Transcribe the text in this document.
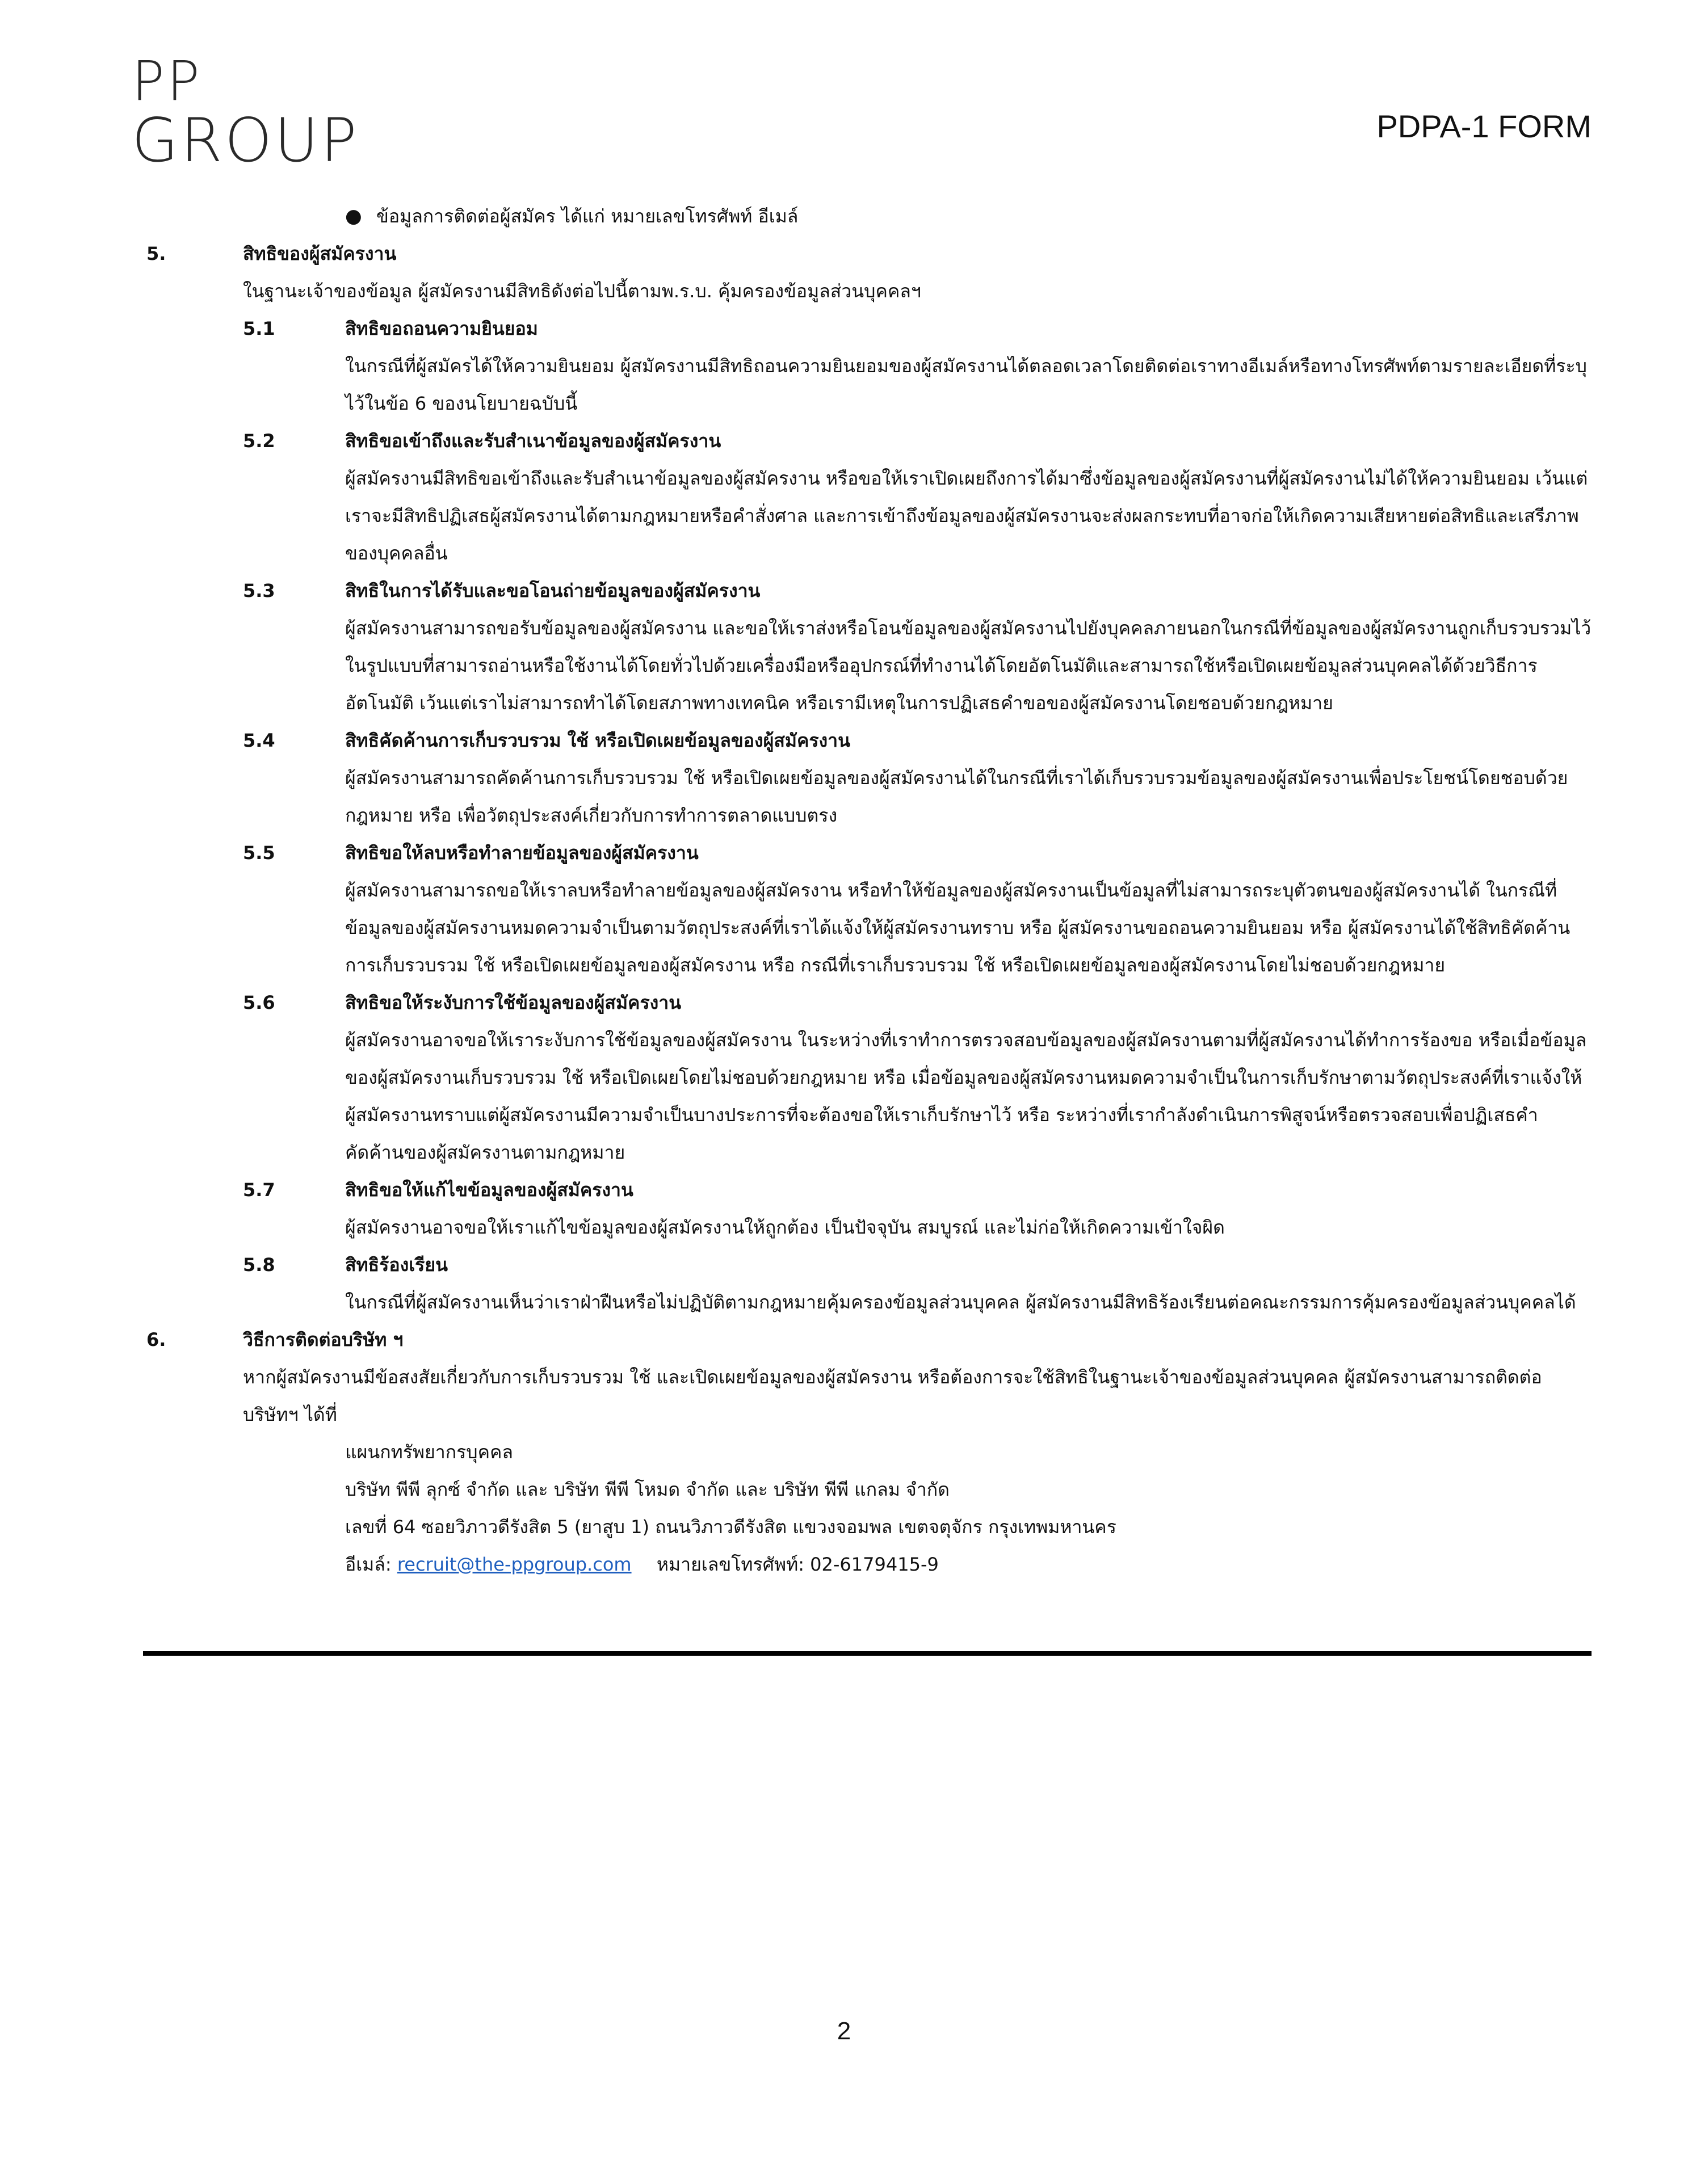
PP
GROUP	PDPA-1 FORM
● ข้อมูลการติดต่อผู้สมัคร ได้แก่ หมายเลขโทรศัพท์ อีเมล์
5.	สิทธิของผู้สมัครงาน
ในฐานะเจ้าของข้อมูล ผู้สมัครงานมีสิทธิดังต่อไปนี้ตามพ.ร.บ. คุ้มครองข้อมูลส่วนบุคคลฯ
5.1	สิทธิขอถอนความยินยอม
ในกรณีที่ผู้สมัครได้ให้ความยินยอม ผู้สมัครงานมีสิทธิถอนความยินยอมของผู้สมัครงานได้ตลอดเวลาโดยติดต่อเราทางอีเมล์หรือทางโทรศัพท์ตามรายละเอียดที่ระบุ
ไว้ในข้อ 6 ของนโยบายฉบับนี้
5.2	สิทธิขอเข้าถึงและรับสำเนาข้อมูลของผู้สมัครงาน
ผู้สมัครงานมีสิทธิขอเข้าถึงและรับสำเนาข้อมูลของผู้สมัครงาน หรือขอให้เราเปิดเผยถึงการได้มาซึ่งข้อมูลของผู้สมัครงานที่ผู้สมัครงานไม่ได้ให้ความยินยอม เว้นแต่
เราจะมีสิทธิปฏิเสธผู้สมัครงานได้ตามกฎหมายหรือคำสั่งศาล และการเข้าถึงข้อมูลของผู้สมัครงานจะส่งผลกระทบที่อาจก่อให้เกิดความเสียหายต่อสิทธิและเสรีภาพ
ของบุคคลอื่น
5.3	สิทธิในการได้รับและขอโอนถ่ายข้อมูลของผู้สมัครงาน
ผู้สมัครงานสามารถขอรับข้อมูลของผู้สมัครงาน และขอให้เราส่งหรือโอนข้อมูลของผู้สมัครงานไปยังบุคคลภายนอกในกรณีที่ข้อมูลของผู้สมัครงานถูกเก็บรวบรวมไว้
ในรูปแบบที่สามารถอ่านหรือใช้งานได้โดยทั่วไปด้วยเครื่องมือหรืออุปกรณ์ที่ทำงานได้โดยอัตโนมัติและสามารถใช้หรือเปิดเผยข้อมูลส่วนบุคคลได้ด้วยวิธีการ
อัตโนมัติ เว้นแต่เราไม่สามารถทำได้โดยสภาพทางเทคนิค หรือเรามีเหตุในการปฏิเสธคำขอของผู้สมัครงานโดยชอบด้วยกฎหมาย
5.4	สิทธิคัดค้านการเก็บรวบรวม ใช้ หรือเปิดเผยข้อมูลของผู้สมัครงาน
ผู้สมัครงานสามารถคัดค้านการเก็บรวบรวม ใช้ หรือเปิดเผยข้อมูลของผู้สมัครงานได้ในกรณีที่เราได้เก็บรวบรวมข้อมูลของผู้สมัครงานเพื่อประโยชน์โดยชอบด้วย
กฎหมาย หรือ เพื่อวัตถุประสงค์เกี่ยวกับการทำการตลาดแบบตรง
5.5	สิทธิขอให้ลบหรือทำลายข้อมูลของผู้สมัครงาน
ผู้สมัครงานสามารถขอให้เราลบหรือทำลายข้อมูลของผู้สมัครงาน หรือทำให้ข้อมูลของผู้สมัครงานเป็นข้อมูลที่ไม่สามารถระบุตัวตนของผู้สมัครงานได้ ในกรณีที่
ข้อมูลของผู้สมัครงานหมดความจำเป็นตามวัตถุประสงค์ที่เราได้แจ้งให้ผู้สมัครงานทราบ หรือ ผู้สมัครงานขอถอนความยินยอม หรือ ผู้สมัครงานได้ใช้สิทธิคัดค้าน
การเก็บรวบรวม ใช้ หรือเปิดเผยข้อมูลของผู้สมัครงาน หรือ กรณีที่เราเก็บรวบรวม ใช้ หรือเปิดเผยข้อมูลของผู้สมัครงานโดยไม่ชอบด้วยกฎหมาย
5.6	สิทธิขอให้ระงับการใช้ข้อมูลของผู้สมัครงาน
ผู้สมัครงานอาจขอให้เราระงับการใช้ข้อมูลของผู้สมัครงาน ในระหว่างที่เราทำการตรวจสอบข้อมูลของผู้สมัครงานตามที่ผู้สมัครงานได้ทำการร้องขอ หรือเมื่อข้อมูล
ของผู้สมัครงานเก็บรวบรวม ใช้ หรือเปิดเผยโดยไม่ชอบด้วยกฎหมาย หรือ เมื่อข้อมูลของผู้สมัครงานหมดความจำเป็นในการเก็บรักษาตามวัตถุประสงค์ที่เราแจ้งให้
ผู้สมัครงานทราบแต่ผู้สมัครงานมีความจำเป็นบางประการที่จะต้องขอให้เราเก็บรักษาไว้ หรือ ระหว่างที่เรากำลังดำเนินการพิสูจน์หรือตรวจสอบเพื่อปฏิเสธคำ
คัดค้านของผู้สมัครงานตามกฎหมาย
5.7	สิทธิขอให้แก้ไขข้อมูลของผู้สมัครงาน
ผู้สมัครงานอาจขอให้เราแก้ไขข้อมูลของผู้สมัครงานให้ถูกต้อง เป็นปัจจุบัน สมบูรณ์ และไม่ก่อให้เกิดความเข้าใจผิด
5.8	สิทธิร้องเรียน
ในกรณีที่ผู้สมัครงานเห็นว่าเราฝ่าฝืนหรือไม่ปฏิบัติตามกฎหมายคุ้มครองข้อมูลส่วนบุคคล ผู้สมัครงานมีสิทธิร้องเรียนต่อคณะกรรมการคุ้มครองข้อมูลส่วนบุคคลได้
6.	วิธีการติดต่อบริษัท ฯ
หากผู้สมัครงานมีข้อสงสัยเกี่ยวกับการเก็บรวบรวม ใช้ และเปิดเผยข้อมูลของผู้สมัครงาน หรือต้องการจะใช้สิทธิในฐานะเจ้าของข้อมูลส่วนบุคคล ผู้สมัครงานสามารถติดต่อ
บริษัทฯ ได้ที่
แผนกทรัพยากรบุคคล
บริษัท พีพี ลุกซ์ จำกัด และ บริษัท พีพี โหมด จำกัด และ บริษัท พีพี แกลม จำกัด
เลขที่ 64 ซอยวิภาวดีรังสิต 5 (ยาสูบ 1) ถนนวิภาวดีรังสิต แขวงจอมพล เขตจตุจักร กรุงเทพมหานคร
อีเมล์: recruit@the-ppgroup.com หมายเลขโทรศัพท์: 02-6179415-9
2
